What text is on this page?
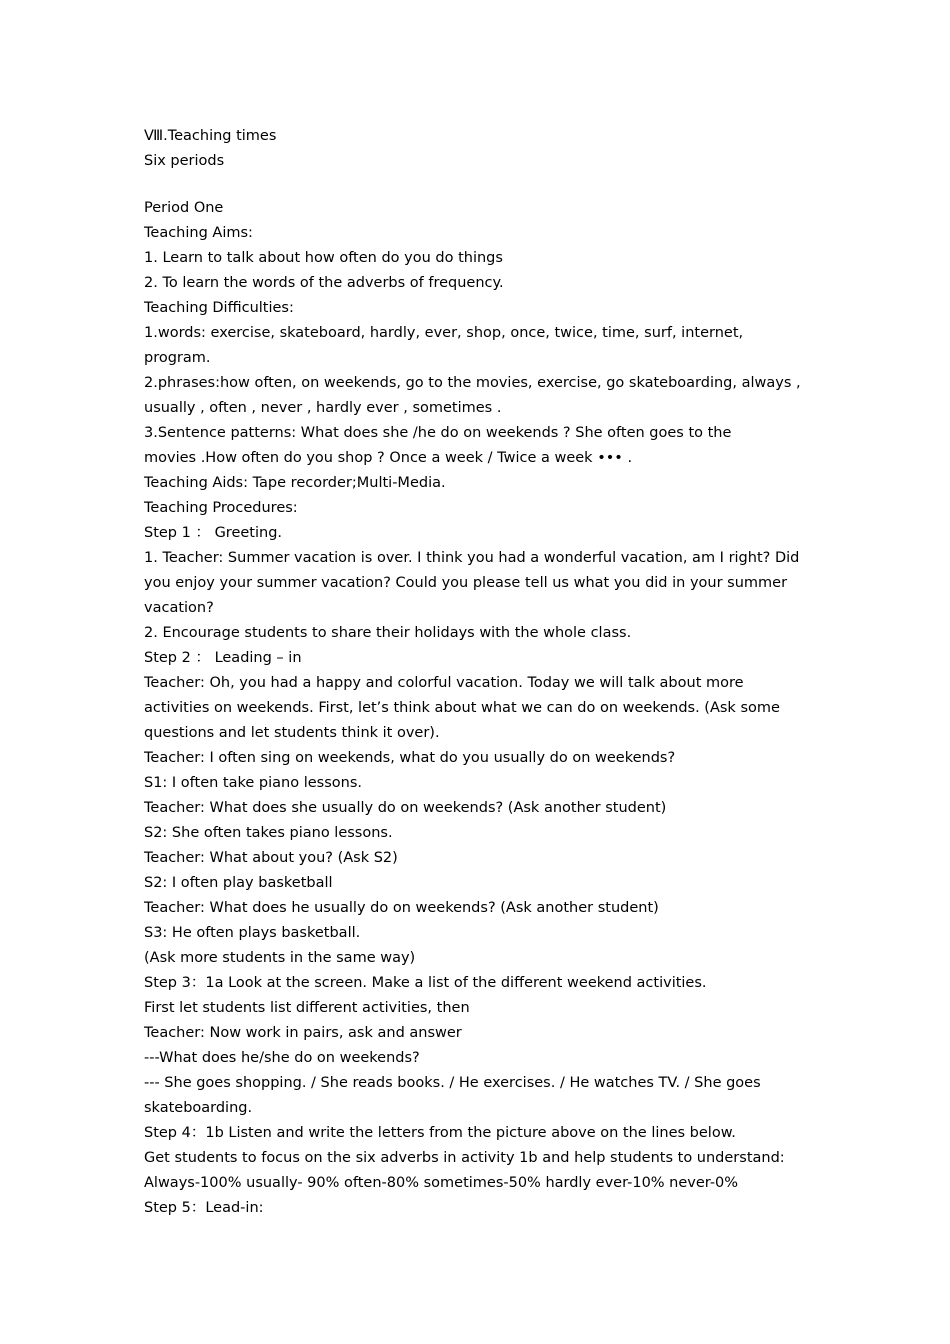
Ⅷ.Teaching times
Six periods
Period One
Teaching Aims:
1. Learn to talk about how often do you do things
2. To learn the words of the adverbs of frequency.
Teaching Difficulties:
1.words: exercise, skateboard, hardly, ever, shop, once, twice, time, surf, internet,
program.
2.phrases:how often, on weekends, go to the movies, exercise, go skateboarding, always ,
usually , often , never , hardly ever , sometimes .
3.Sentence patterns: What does she /he do on weekends ? She often goes to the
movies .How often do you shop ? Once a week / Twice a week ••• .
Teaching Aids: Tape recorder;Multi-Media.
Teaching Procedures:
Step 1 ： Greeting.
1. Teacher: Summer vacation is over. I think you had a wonderful vacation, am I right? Did
you enjoy your summer vacation? Could you please tell us what you did in your summer
vacation?
2. Encourage students to share their holidays with the whole class.
Step 2 ： Leading – in
Teacher: Oh, you had a happy and colorful vacation. Today we will talk about more
activities on weekends. First, let’s think about what we can do on weekends. (Ask some
questions and let students think it over).
Teacher: I often sing on weekends, what do you usually do on weekends?
S1: I often take piano lessons.
Teacher: What does she usually do on weekends? (Ask another student)
S2: She often takes piano lessons.
Teacher: What about you? (Ask S2)
S2: I often play basketball
Teacher: What does he usually do on weekends? (Ask another student)
S3: He often plays basketball.
(Ask more students in the same way)
Step 3：1a Look at the screen. Make a list of the different weekend activities.
First let students list different activities, then
Teacher: Now work in pairs, ask and answer
---What does he/she do on weekends?
--- She goes shopping. / She reads books. / He exercises. / He watches TV. / She goes
skateboarding.
Step 4：1b Listen and write the letters from the picture above on the lines below.
Get students to focus on the six adverbs in activity 1b and help students to understand:
Always-100% usually- 90% often-80% sometimes-50% hardly ever-10% never-0%
Step 5：Lead-in:
